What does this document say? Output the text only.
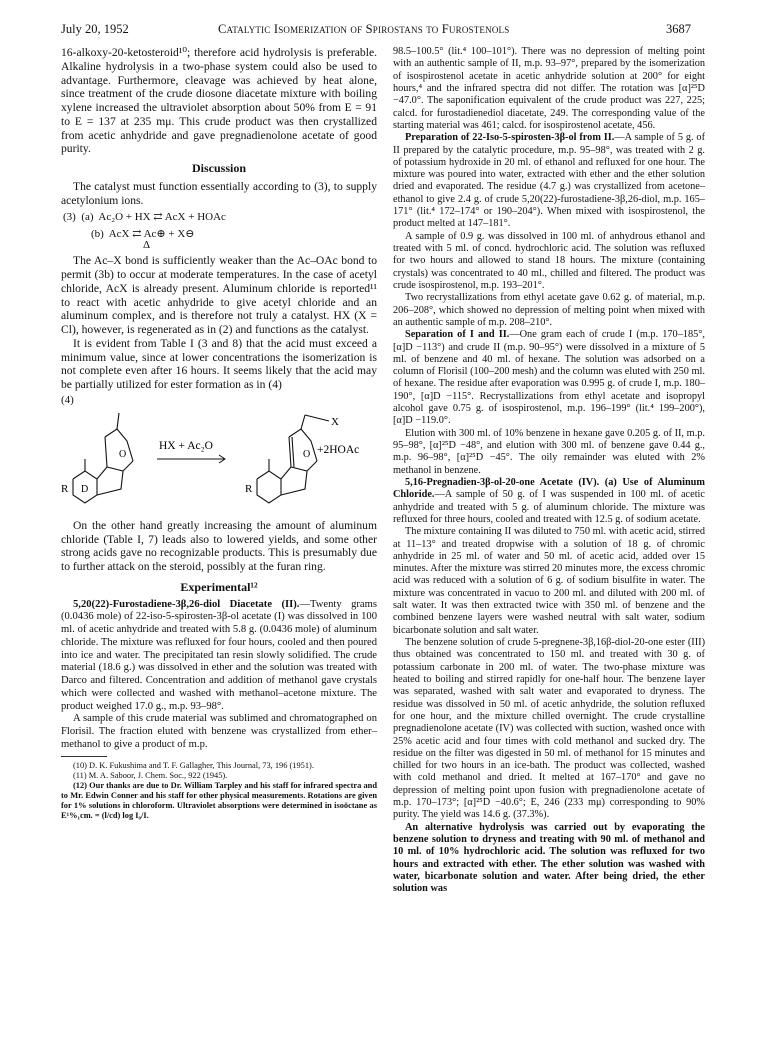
July 20, 1952	Catalytic Isomerization of Spirostans to Furostenols	3687

16-alkoxy-20-ketosteroid¹⁰; therefore acid hydrolysis is preferable. Alkaline hydrolysis in a two-phase system could also be used to advantage. Furthermore, cleavage was achieved by heat alone, since treatment of the crude diosone diacetate mixture with boiling xylene increased the ultraviolet absorption about 50% from E = 91 to E = 137 at 235 mμ. This crude product was then crystallized from acetic anhydride and gave pregnadienolone acetate of good purity.

Discussion

The catalyst must function essentially according to (3), to supply acetylonium ions.

(3)  (a)  Ac₂O + HX ⇄ AcX + HOAc
(b)  AcX ⇄ Ac⊕ + X⊖
Δ

The Ac–X bond is sufficiently weaker than the Ac–OAc bond to permit (3b) to occur at moderate temperatures. In the case of acetyl chloride, AcX is already present. Aluminum chloride is reported¹¹ to react with acetic anhydride to give acetyl chloride and an aluminum complex, and is therefore not truly a catalyst. HX (X = Cl), however, is regenerated as in (2) and functions as the catalyst.

It is evident from Table I (3 and 8) that the acid must exceed a minimum value, since at lower concentrations the isomerization is not complete even after 16 hours. It seems likely that the acid may be partially utilized for ester formation as in (4)

(4)
R D
O
HX + Ac₂O
X
R
O +2HOAc

On the other hand greatly increasing the amount of aluminum chloride (Table I, 7) leads also to lowered yields, and some other strong acids gave no recognizable products. This is presumably due to further attack on the steroid, possibly at the furan ring.

Experimental¹²

5,20(22)-Furostadiene-3β,26-diol Diacetate (II).—Twenty grams (0.0436 mole) of 22-iso-5-spirosten-3β-ol acetate (I) was dissolved in 100 ml. of acetic anhydride and treated with 5.8 g. (0.0436 mole) of aluminum chloride. The mixture was refluxed for four hours, cooled and then poured into ice and water. The precipitated tan resin slowly solidified. The crude material (18.6 g.) was dissolved in ether and the solution was treated with Darco and filtered. Concentration and addition of methanol gave crystals which were collected and washed with methanol–acetone mixture. The product weighed 17.0 g., m.p. 93–98°.

A sample of this crude material was sublimed and chromatographed on Florisil. The fraction eluted with benzene was crystallized from ether–methanol to give a product of m.p.

(10) D. K. Fukushima and T. F. Gallagher, This Journal, 73, 196 (1951).

(11) M. A. Saboor, J. Chem. Soc., 922 (1945).

(12) Our thanks are due to Dr. William Tarpley and his staff for infrared spectra and to Mr. Edwin Conner and his staff for other physical measurements. Rotations are given for 1% solutions in chloroform. Ultraviolet absorptions were determined in isoöctane as E¹%₁cm. = (l/cd) log I₀/I.

98.5–100.5° (lit.⁴ 100–101°). There was no depression of melting point with an authentic sample of II, m.p. 93–97°, prepared by the isomerization of isospirostenol acetate in acetic anhydride solution at 200° for eight hours,⁴ and the infrared spectra did not differ. The rotation was [α]²⁵D −47.0°. The saponification equivalent of the crude product was 227, 225; calcd. for furostadienediol diacetate, 249. The corresponding value of the starting material was 461; calcd. for isospirostenol acetate, 456.

Preparation of 22-Iso-5-spirosten-3β-ol from II.—A sample of 5 g. of II prepared by the catalytic procedure, m.p. 95–98°, was treated with 2 g. of potassium hydroxide in 20 ml. of ethanol and refluxed for one hour. The mixture was poured into water, extracted with ether and the ether solution dried and evaporated. The residue (4.7 g.) was crystallized from acetone–ethanol to give 2.4 g. of crude 5,20(22)-furostadiene-3β,26-diol, m.p. 165–171° (lit.⁴ 172–174° or 190–204°). When mixed with isospirostenol, the product melted at 147–181°.

A sample of 0.9 g. was dissolved in 100 ml. of anhydrous ethanol and treated with 5 ml. of concd. hydrochloric acid. The solution was refluxed for two hours and allowed to stand 18 hours. The mixture (containing crystals) was concentrated to 40 ml., chilled and filtered. The product was crude isospirostenol, m.p. 193–201°.

Two recrystallizations from ethyl acetate gave 0.62 g. of material, m.p. 206–208°, which showed no depression of melting point when mixed with an authentic sample of m.p. 208–210°.

Separation of I and II.—One gram each of crude I (m.p. 170–185°, [α]D −113°) and crude II (m.p. 90–95°) were dissolved in a mixture of 5 ml. of benzene and 40 ml. of hexane. The solution was adsorbed on a column of Florisil (100–200 mesh) and the column was eluted with 250 ml. of hexane. The residue after evaporation was 0.995 g. of crude I, m.p. 180–190°, [α]D −115°. Recrystallizations from ethyl acetate and isopropyl alcohol gave 0.75 g. of isospirostenol, m.p. 196–199° (lit.⁴ 199–200°), [α]D −119.0°.

Elution with 300 ml. of 10% benzene in hexane gave 0.205 g. of II, m.p. 95–98°, [α]²⁵D −48°, and elution with 300 ml. of benzene gave 0.44 g., m.p. 96–98°, [α]²⁵D −45°. The oily remainder was eluted with 2% methanol in benzene.

5,16-Pregnadien-3β-ol-20-one Acetate (IV). (a) Use of Aluminum Chloride.—A sample of 50 g. of I was suspended in 100 ml. of acetic anhydride and treated with 5 g. of aluminum chloride. The mixture was refluxed for three hours, cooled and treated with 12.5 g. of sodium acetate.

The mixture containing II was diluted to 750 ml. with acetic acid, stirred at 11–13° and treated dropwise with a solution of 18 g. of chromic anhydride in 25 ml. of water and 50 ml. of acetic acid, added over 15 minutes. After the mixture was stirred 20 minutes more, the excess chromic acid was reduced with a solution of 6 g. of sodium bisulfite in water. The mixture was concentrated in vacuo to 200 ml. and diluted with 200 ml. of salt water. It was then extracted twice with 350 ml. of benzene and the combined benzene layers were washed neutral with salt water, sodium bicarbonate solution and salt water.

The benzene solution of crude 5-pregnene-3β,16β-diol-20-one ester (III) thus obtained was concentrated to 150 ml. and treated with 30 g. of potassium carbonate in 200 ml. of water. The two-phase mixture was heated to boiling and stirred rapidly for one-half hour. The benzene layer was separated, washed with salt water and evaporated to dryness. The residue was dissolved in 50 ml. of acetic anhydride, the solution refluxed for one hour, and the mixture chilled overnight. The crude crystalline pregnadienolone acetate (IV) was collected with suction, washed once with 25% acetic acid and four times with cold methanol and sucked dry. The residue on the filter was digested in 50 ml. of methanol for 15 minutes and chilled for two hours in an ice-bath. The product was collected, washed with cold methanol and dried. It melted at 167–170° and gave no depression of melting point upon fusion with pregnadienolone acetate of m.p. 170–173°; [α]²⁵D −40.6°; E, 246 (233 mμ) corresponding to 90% purity. The yield was 14.6 g. (37.3%).

An alternative hydrolysis was carried out by evaporating the benzene solution to dryness and treating with 90 ml. of methanol and 10 ml. of 10% hydrochloric acid. The solution was refluxed for two hours and extracted with ether. The ether solution was washed with water, bicarbonate solution and water. After being dried, the ether solution was
